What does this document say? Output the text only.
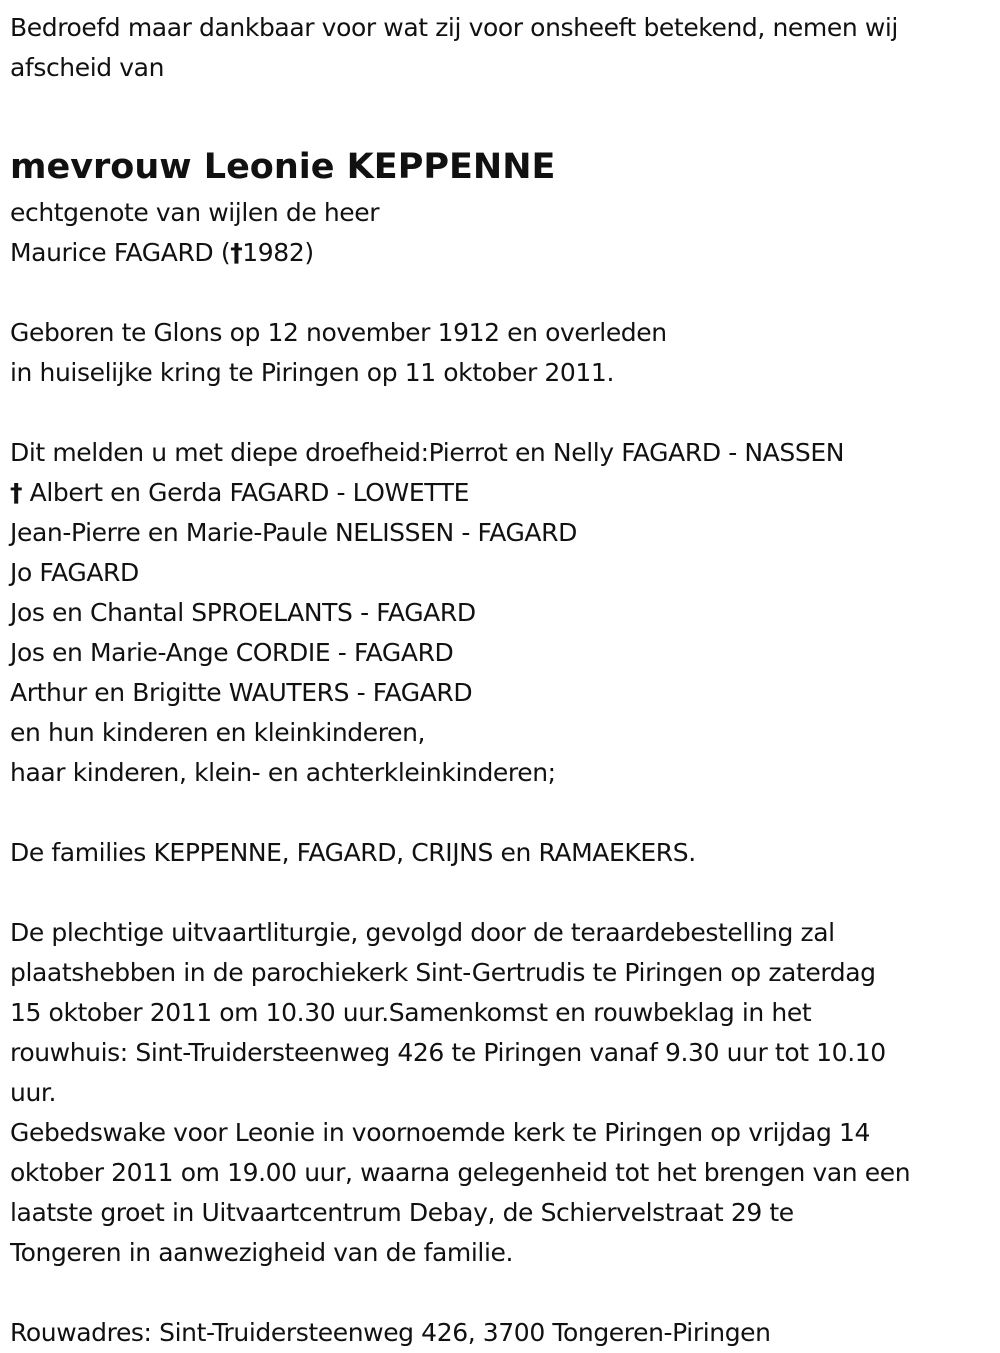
Bedroefd maar dankbaar voor wat zij voor onsheeft betekend, nemen wij
afscheid van
mevrouw Leonie KEPPENNE
echtgenote van wijlen de heer
Maurice FAGARD (†1982)
Geboren te Glons op 12 november 1912 en overleden
in huiselijke kring te Piringen op 11 oktober 2011.
Dit melden u met diepe droefheid:Pierrot en Nelly FAGARD - NASSEN
† Albert en Gerda FAGARD - LOWETTE
Jean-Pierre en Marie-Paule NELISSEN - FAGARD
Jo FAGARD
Jos en Chantal SPROELANTS - FAGARD
Jos en Marie-Ange CORDIE - FAGARD
Arthur en Brigitte WAUTERS - FAGARD
en hun kinderen en kleinkinderen,
haar kinderen, klein- en achterkleinkinderen;
De families KEPPENNE, FAGARD, CRIJNS en RAMAEKERS.
De plechtige uitvaartliturgie, gevolgd door de teraardebestelling zal
plaatshebben in de parochiekerk Sint-Gertrudis te Piringen op zaterdag
15 oktober 2011 om 10.30 uur.Samenkomst en rouwbeklag in het
rouwhuis: Sint-Truidersteenweg 426 te Piringen vanaf 9.30 uur tot 10.10
uur.
Gebedswake voor Leonie in voornoemde kerk te Piringen op vrijdag 14
oktober 2011 om 19.00 uur, waarna gelegenheid tot het brengen van een
laatste groet in Uitvaartcentrum Debay, de Schiervelstraat 29 te
Tongeren in aanwezigheid van de familie.
Rouwadres: Sint-Truidersteenweg 426, 3700 Tongeren-Piringen
